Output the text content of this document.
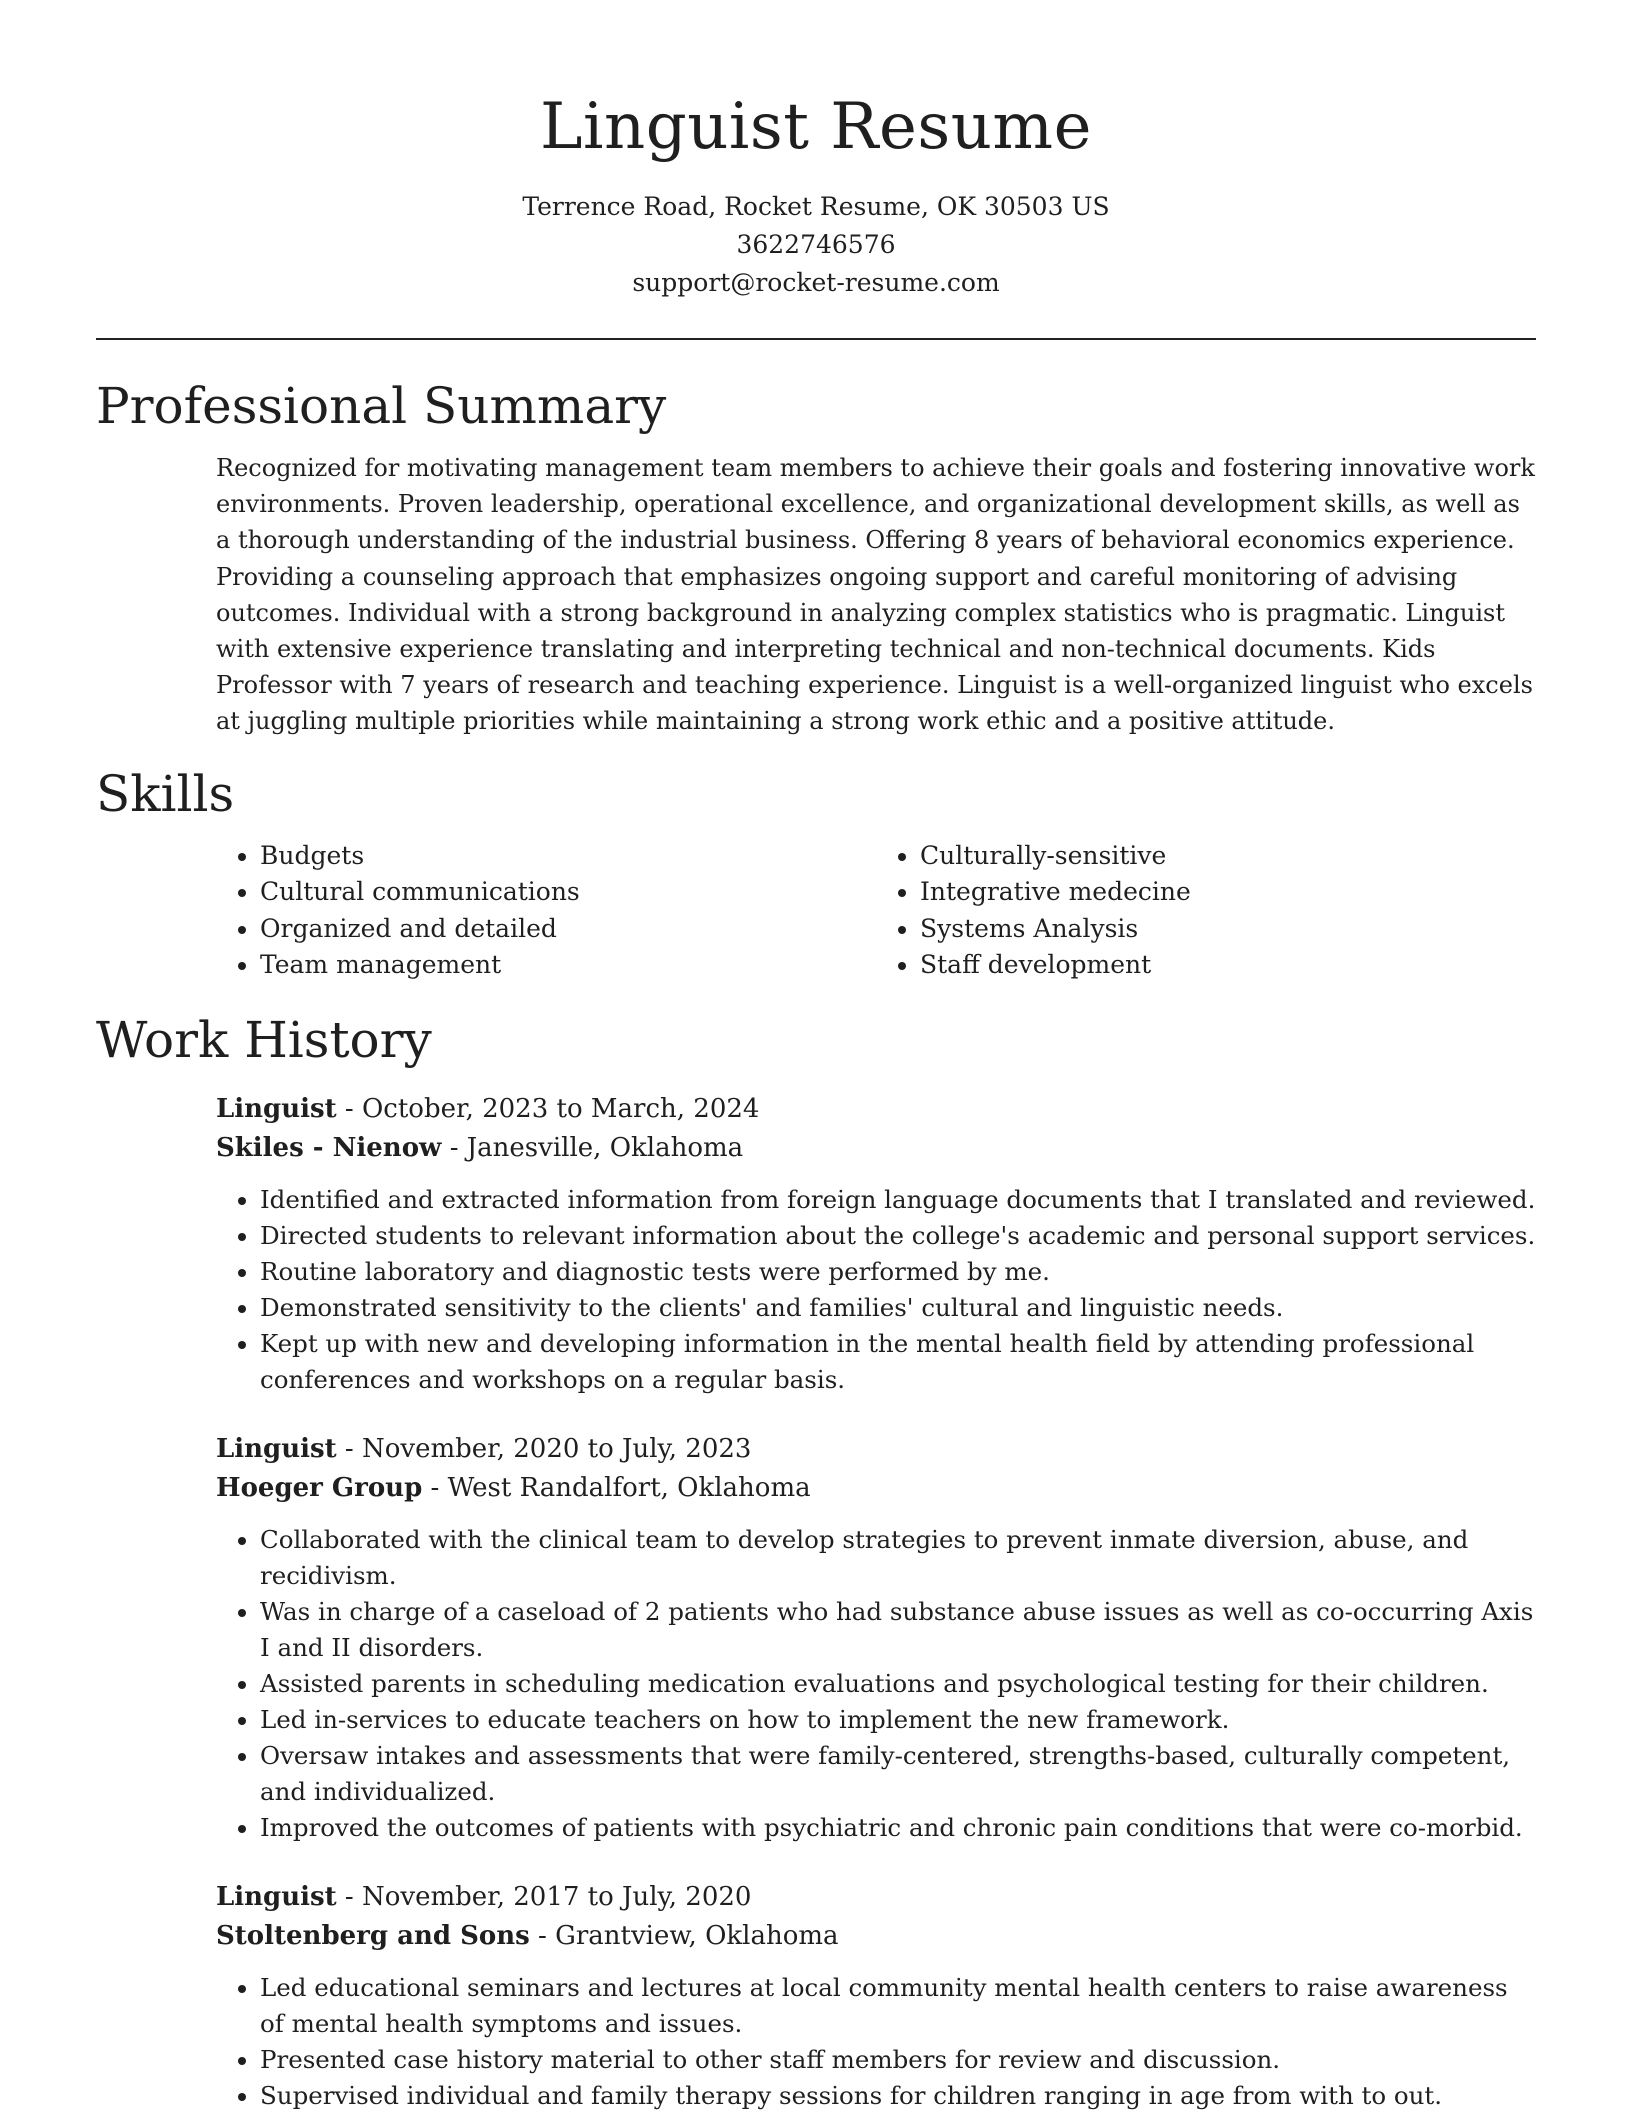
Linguist Resume
Terrence Road, Rocket Resume, OK 30503 US
3622746576
support@rocket-resume.com
Professional Summary

Recognized for motivating management team members to achieve their goals and fostering innovative work environments. Proven leadership, operational excellence, and organizational development skills, as well as a thorough understanding of the industrial business. Offering 8 years of behavioral economics experience. Providing a counseling approach that emphasizes ongoing support and careful monitoring of advising outcomes. Individual with a strong background in analyzing complex statistics who is pragmatic. Linguist with extensive experience translating and interpreting technical and non-technical documents. Kids Professor with 7 years of research and teaching experience. Linguist is a well-organized linguist who excels at juggling multiple priorities while maintaining a strong work ethic and a positive attitude.

Skills
• Budgets
• Cultural communications
• Organized and detailed
• Team management
• Culturally-sensitive
• Integrative medecine
• Systems Analysis
• Staff development
Work History
Linguist - October, 2023 to March, 2024
Skiles - Nienow - Janesville, Oklahoma
• Identified and extracted information from foreign language documents that I translated and reviewed.
• Directed students to relevant information about the college's academic and personal support services.
• Routine laboratory and diagnostic tests were performed by me.
• Demonstrated sensitivity to the clients' and families' cultural and linguistic needs.
• Kept up with new and developing information in the mental health field by attending professional conferences and workshops on a regular basis.
Linguist - November, 2020 to July, 2023
Hoeger Group - West Randalfort, Oklahoma
• Collaborated with the clinical team to develop strategies to prevent inmate diversion, abuse, and recidivism.
• Was in charge of a caseload of 2 patients who had substance abuse issues as well as co-occurring Axis I and II disorders.
• Assisted parents in scheduling medication evaluations and psychological testing for their children.
• Led in-services to educate teachers on how to implement the new framework.
• Oversaw intakes and assessments that were family-centered, strengths-based, culturally competent, and individualized.
• Improved the outcomes of patients with psychiatric and chronic pain conditions that were co-morbid.
Linguist - November, 2017 to July, 2020
Stoltenberg and Sons - Grantview, Oklahoma
• Led educational seminars and lectures at local community mental health centers to raise awareness of mental health symptoms and issues.
• Presented case history material to other staff members for review and discussion.
• Supervised individual and family therapy sessions for children ranging in age from with to out.
